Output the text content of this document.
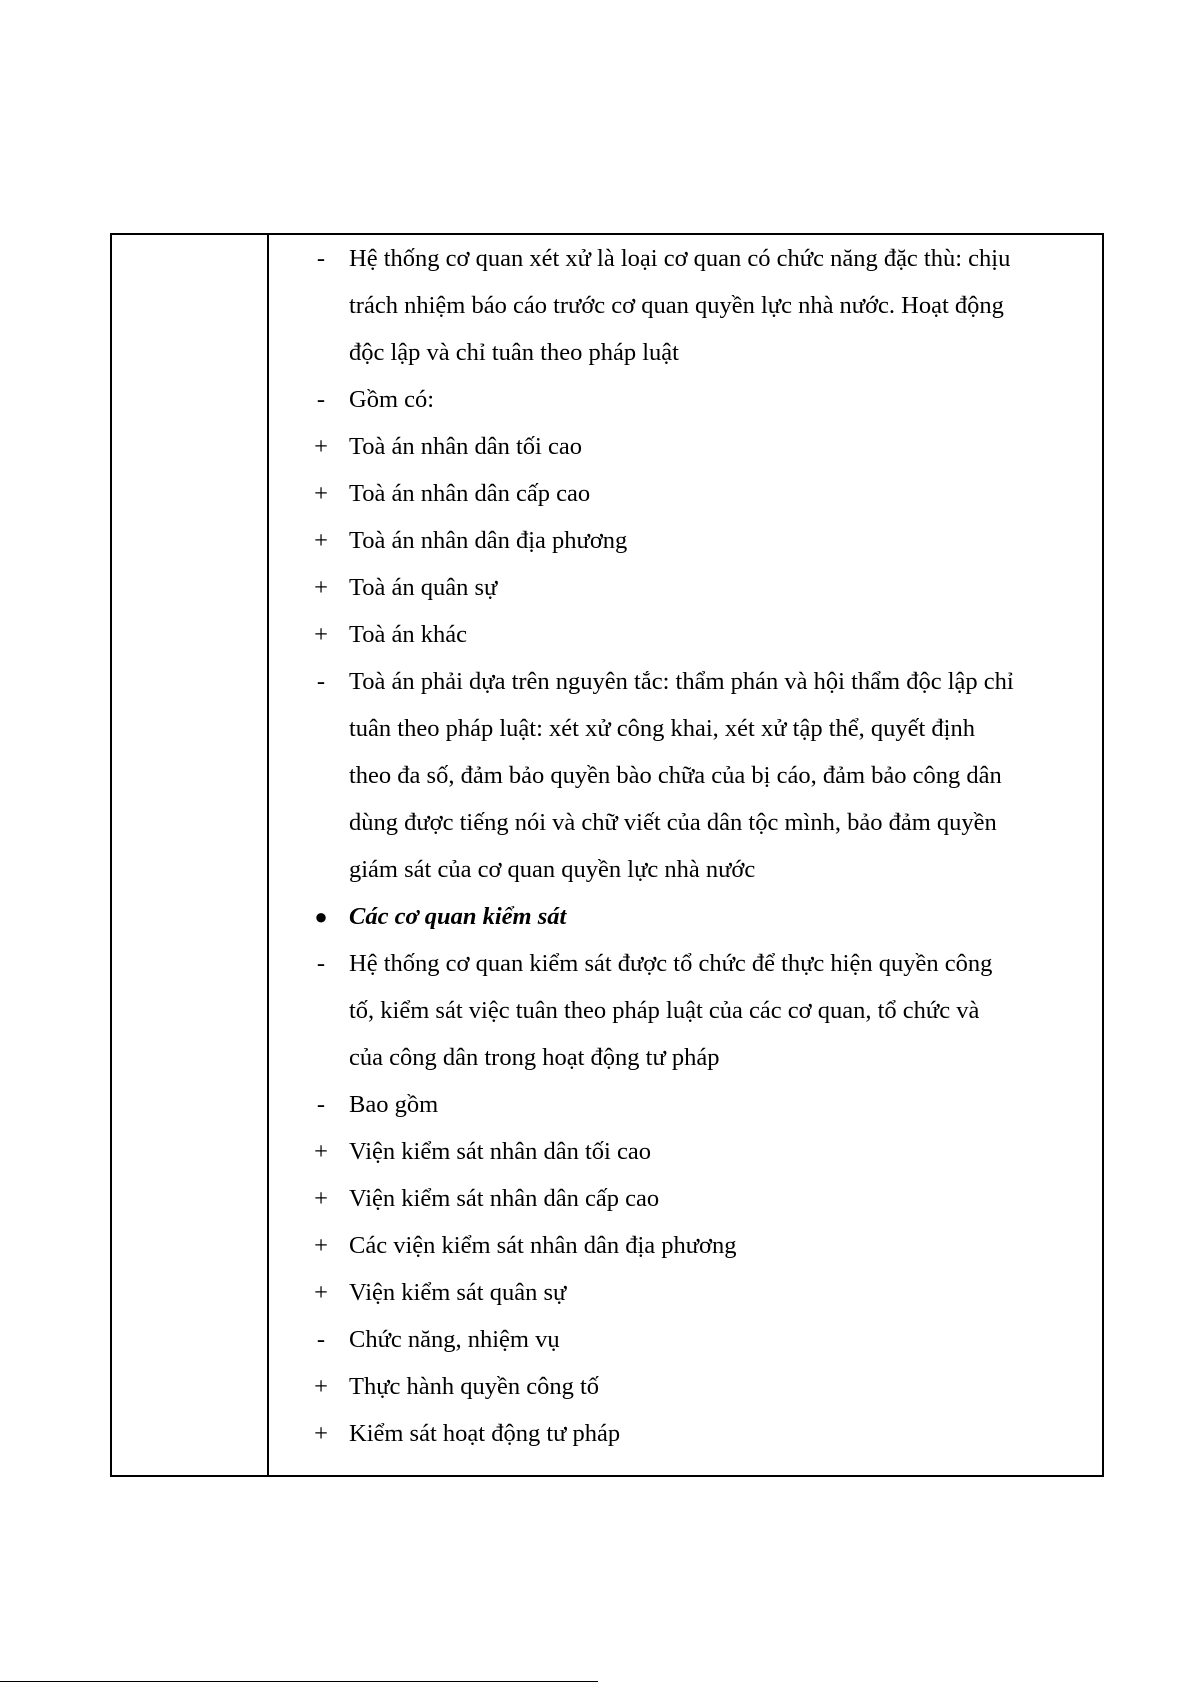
- Hệ thống cơ quan xét xử là loại cơ quan có chức năng đặc thù: chịu
trách nhiệm báo cáo trước cơ quan quyền lực nhà nước. Hoạt động
độc lập và chỉ tuân theo pháp luật
- Gồm có:
+ Toà án nhân dân tối cao
+ Toà án nhân dân cấp cao
+ Toà án nhân dân địa phương
+ Toà án quân sự
+ Toà án khác
- Toà án phải dựa trên nguyên tắc: thẩm phán và hội thẩm độc lập chỉ
tuân theo pháp luật: xét xử công khai, xét xử tập thể, quyết định
theo đa số, đảm bảo quyền bào chữa của bị cáo, đảm bảo công dân
dùng được tiếng nói và chữ viết của dân tộc mình, bảo đảm quyền
giám sát của cơ quan quyền lực nhà nước
● Các cơ quan kiểm sát
- Hệ thống cơ quan kiểm sát được tổ chức để thực hiện quyền công
tố, kiểm sát việc tuân theo pháp luật của các cơ quan, tổ chức và
của công dân trong hoạt động tư pháp
- Bao gồm
+ Viện kiểm sát nhân dân tối cao
+ Viện kiểm sát nhân dân cấp cao
+ Các viện kiểm sát nhân dân địa phương
+ Viện kiểm sát quân sự
- Chức năng, nhiệm vụ
+ Thực hành quyền công tố
+ Kiểm sát hoạt động tư pháp
